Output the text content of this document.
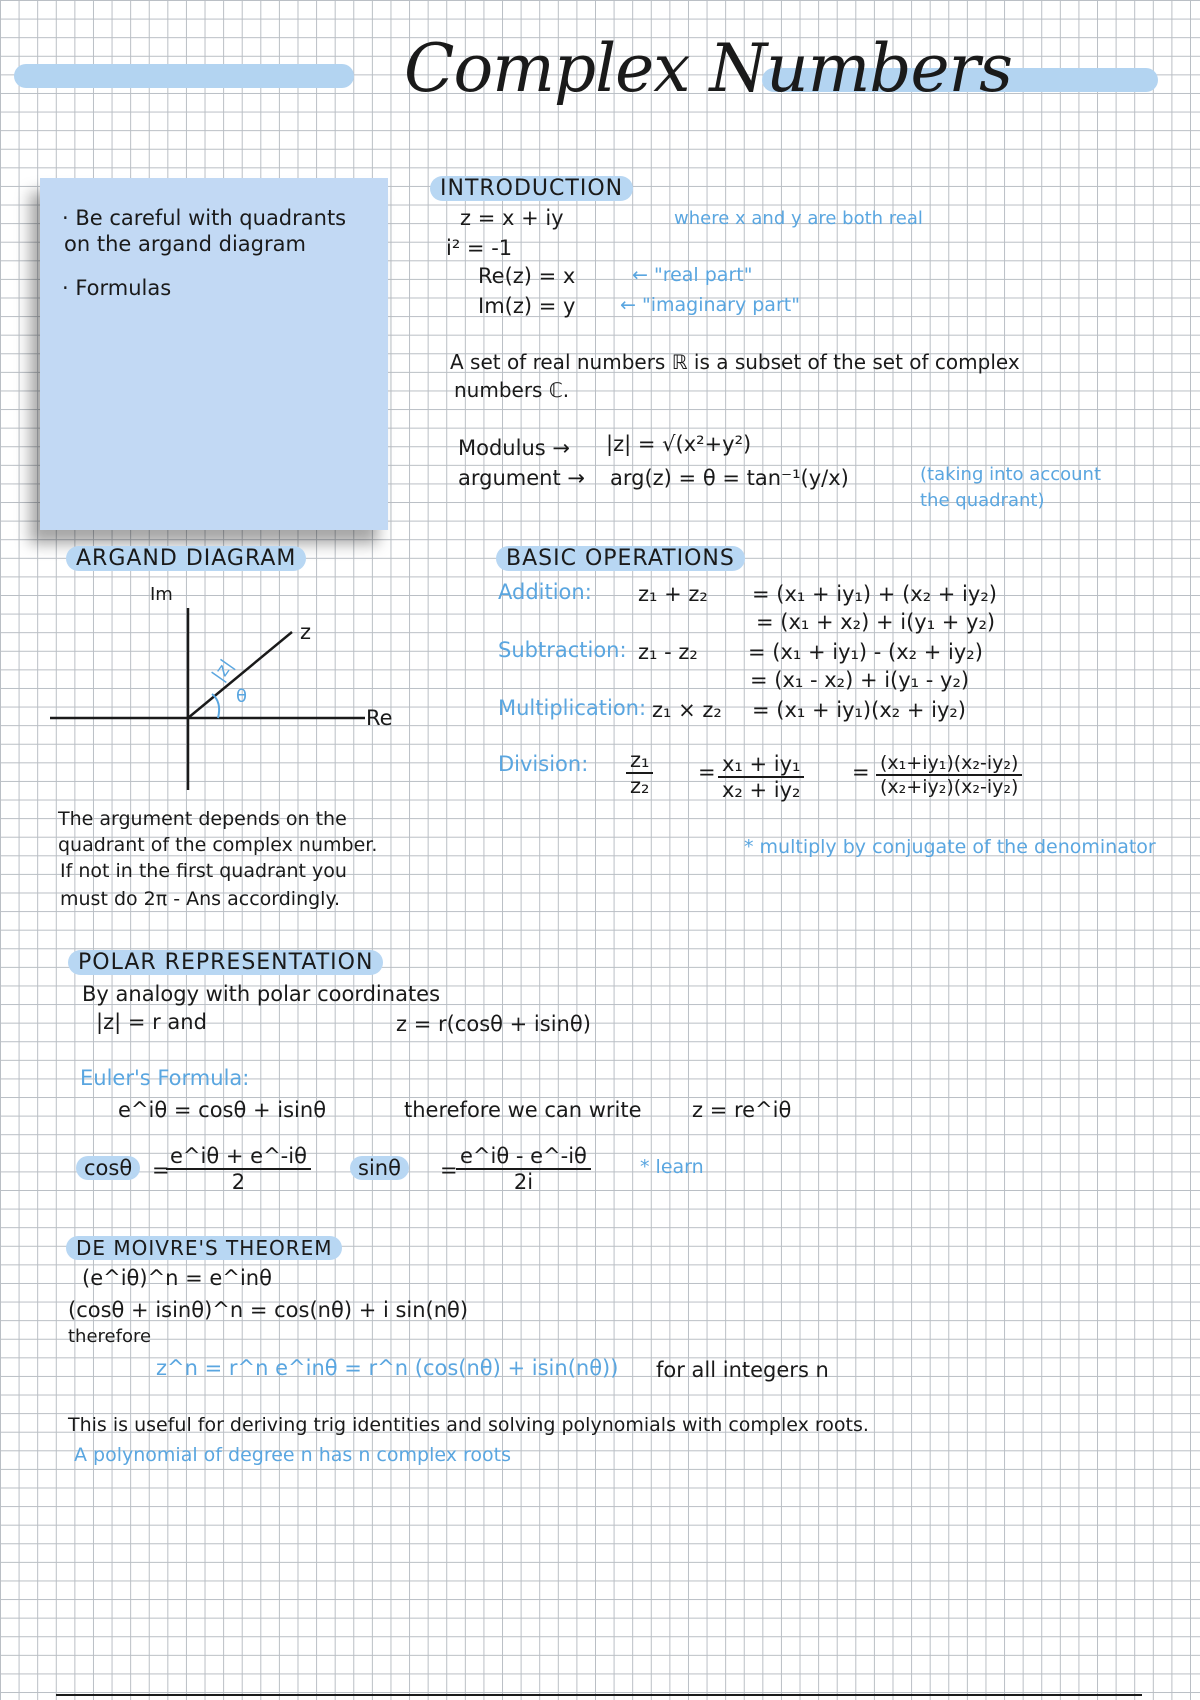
Complex Numbers
· Be careful with quadrants
on the argand diagram
· Formulas
INTRODUCTION
z = x + iy	where x and y are both real
i² = -1
Re(z) = x	← "real part"
Im(z) = y ← "imaginary part"
A set of real numbers ℝ is a subset of the set of complex
numbers ℂ.
Modulus → |z| = √(x²+y²)
argument → arg(z) = θ = tan⁻¹(y/x)	(taking into account
the quadrant)
ARGAND DIAGRAM
Im
Re
z
|z|
θ
The argument depends on the
quadrant of the complex number.
If not in the first quadrant you
must do 2π - Ans accordingly.
BASIC OPERATIONS
Addition: z₁ + z₂ = (x₁ + iy₁) + (x₂ + iy₂)
= (x₁ + x₂) + i(y₁ + y₂)
Subtraction: z₁ - z₂ = (x₁ + iy₁) - (x₂ + iy₂)
= (x₁ - x₂) + i(y₁ - y₂)
Multiplication: z₁ × z₂ = (x₁ + iy₁)(x₂ + iy₂)
Division: $\frac{\text{z₁}}{\text{z₂}} = \frac{\text{x₁ + iy₁}}{\text{x₂ + iy₂}} = \frac{\text{(x₁+iy₁)(x₂-iy₂)}}{\text{(x₂+iy₂)(x₂-iy₂)}}$
* multiply by conjugate of the denominator
POLAR REPRESENTATION
By analogy with polar coordinates
|z| = r and	z = r(cosθ + isinθ)
Euler's Formula:
e^iθ = cosθ + isinθ	therefore we can write z = re^iθ
cosθ =
$\frac{e\^{}i\theta + e\^{}-i\theta}{2}$	sinθ	=
$\frac{e\^{}i\theta - e\^{}-i\theta}{2i}$	* learn
DE MOIVRE'S THEOREM
(e^iθ)^n = e^inθ
(cosθ + isinθ)^n = cos(nθ) + i sin(nθ)
therefore
z^n = r^n e^inθ = r^n (cos(nθ) + isin(nθ)) for all integers n
This is useful for deriving trig identities and solving polynomials with complex roots.
A polynomial of degree n has n complex roots
